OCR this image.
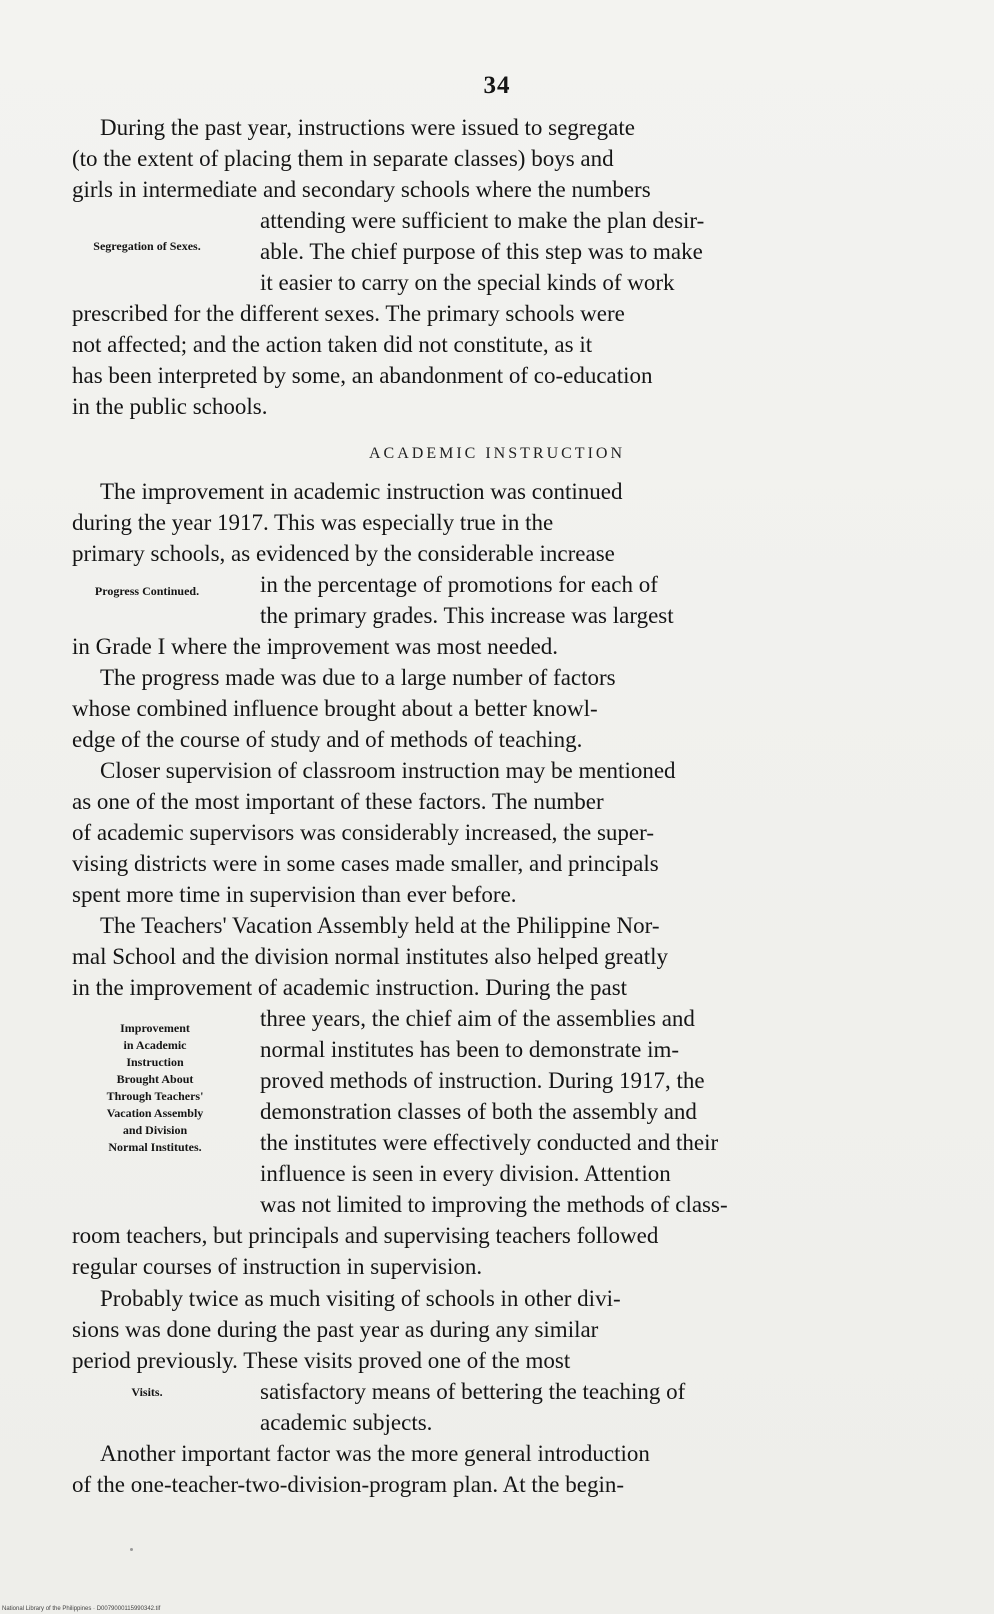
34

During the past year, instructions were issued to segregate

(to the extent of placing them in separate classes) boys and

girls in intermediate and secondary schools where the numbers

attending were sufficient to make the plan desir-

able. The chief purpose of this step was to make

it easier to carry on the special kinds of work

prescribed for the different sexes. The primary schools were

not affected; and the action taken did not constitute, as it

has been interpreted by some, an abandonment of co-education

in the public schools.

Segregation of Sexes.
ACADEMIC INSTRUCTION

The improvement in academic instruction was continued

during the year 1917. This was especially true in the

primary schools, as evidenced by the considerable increase

in the percentage of promotions for each of

the primary grades. This increase was largest

in Grade I where the improvement was most needed.

Progress Continued.

The progress made was due to a large number of factors

whose combined influence brought about a better knowl-

edge of the course of study and of methods of teaching.

Closer supervision of classroom instruction may be mentioned

as one of the most important of these factors. The number

of academic supervisors was considerably increased, the super-

vising districts were in some cases made smaller, and principals

spent more time in supervision than ever before.

The Teachers' Vacation Assembly held at the Philippine Nor-

mal School and the division normal institutes also helped greatly

in the improvement of academic instruction. During the past

three years, the chief aim of the assemblies and

normal institutes has been to demonstrate im-

proved methods of instruction. During 1917, the

demonstration classes of both the assembly and

the institutes were effectively conducted and their

influence is seen in every division. Attention

was not limited to improving the methods of class-

room teachers, but principals and supervising teachers followed

regular courses of instruction in supervision.

Improvement
in Academic
Instruction
Brought About
Through Teachers'
Vacation Assembly
and Division
Normal Institutes.

Probably twice as much visiting of schools in other divi-

sions was done during the past year as during any similar

period previously. These visits proved one of the most

satisfactory means of bettering the teaching of

academic subjects.

Visits.

Another important factor was the more general introduction

of the one-teacher-two-division-program plan. At the begin-

National Library of the Philippines · D0079000115990342.tif
